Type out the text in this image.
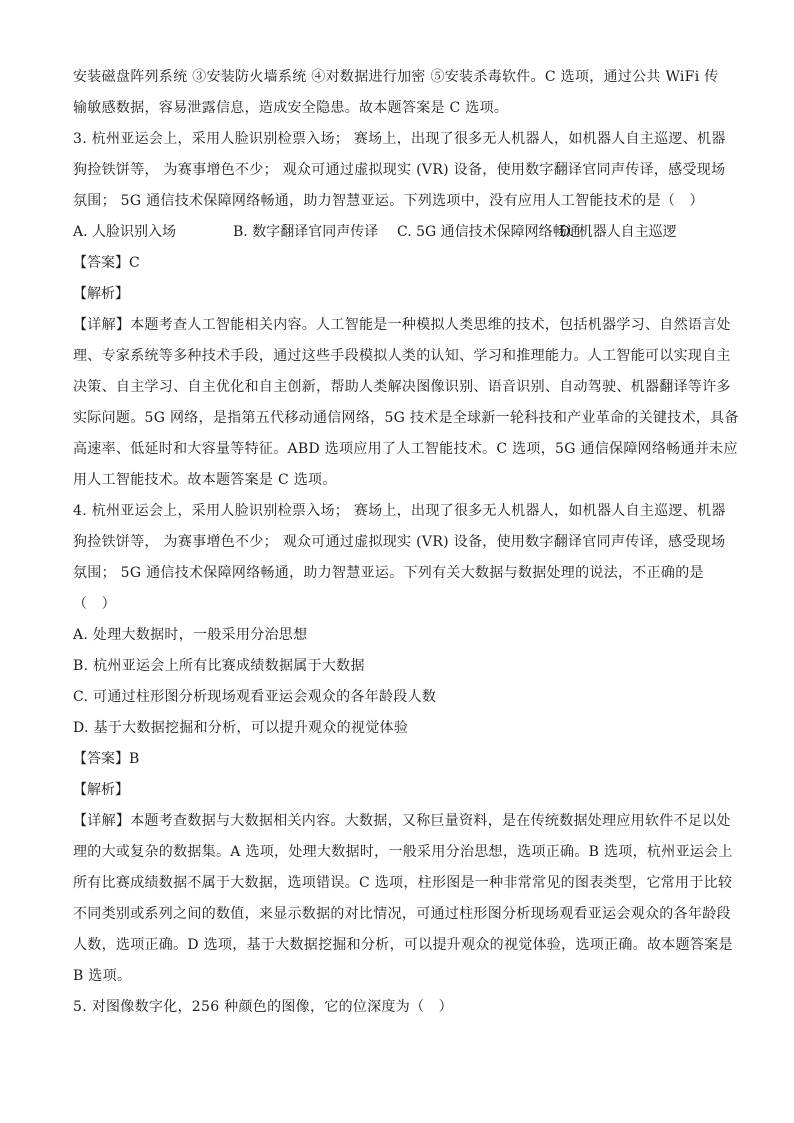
安装磁盘阵列系统 ③安装防火墙系统 ④对数据进行加密 ⑤安装杀毒软件。C 选项，通过公共 WiFi 传
输敏感数据，容易泄露信息，造成安全隐患。故本题答案是 C 选项。
3. 杭州亚运会上，采用人脸识别检票入场； 赛场上，出现了很多无人机器人，如机器人自主巡逻、机器
狗捡铁饼等， 为赛事增色不少； 观众可通过虚拟现实 (VR) 设备，使用数字翻译官同声传译，感受现场
氛围； 5G 通信技术保障网络畅通，助力智慧亚运。下列选项中，没有应用人工智能技术的是（　）
A. 人脸识别入场	B. 数字翻译官同声传译 C. 5G 通信技术保障网络畅通D. 机器人自主巡逻
【答案】C
【解析】
【详解】本题考查人工智能相关内容。人工智能是一种模拟人类思维的技术，包括机器学习、自然语言处
理、专家系统等多种技术手段，通过这些手段模拟人类的认知、学习和推理能力。人工智能可以实现自主
决策、自主学习、自主优化和自主创新，帮助人类解决图像识别、语音识别、自动驾驶、机器翻译等许多
实际问题。5G 网络，是指第五代移动通信网络，5G 技术是全球新一轮科技和产业革命的关键技术，具备
高速率、低延时和大容量等特征。ABD 选项应用了人工智能技术。C 选项，5G 通信保障网络畅通并未应
用人工智能技术。故本题答案是 C 选项。
4. 杭州亚运会上，采用人脸识别检票入场； 赛场上，出现了很多无人机器人，如机器人自主巡逻、机器
狗捡铁饼等， 为赛事增色不少； 观众可通过虚拟现实 (VR) 设备，使用数字翻译官同声传译，感受现场
氛围； 5G 通信技术保障网络畅通，助力智慧亚运。下列有关大数据与数据处理的说法，不正确的是
（　）
A. 处理大数据时，一般采用分治思想
B. 杭州亚运会上所有比赛成绩数据属于大数据
C. 可通过柱形图分析现场观看亚运会观众的各年龄段人数
D. 基于大数据挖掘和分析，可以提升观众的视觉体验
【答案】B
【解析】
【详解】本题考查数据与大数据相关内容。大数据，又称巨量资料，是在传统数据处理应用软件不足以处
理的大或复杂的数据集。A 选项，处理大数据时，一般采用分治思想，选项正确。B 选项，杭州亚运会上
所有比赛成绩数据不属于大数据，选项错误。C 选项，柱形图是一种非常常见的图表类型，它常用于比较
不同类别或系列之间的数值，来显示数据的对比情况，可通过柱形图分析现场观看亚运会观众的各年龄段
人数，选项正确。D 选项，基于大数据挖掘和分析，可以提升观众的视觉体验，选项正确。故本题答案是
B 选项。
5. 对图像数字化，256 种颜色的图像，它的位深度为（　）
